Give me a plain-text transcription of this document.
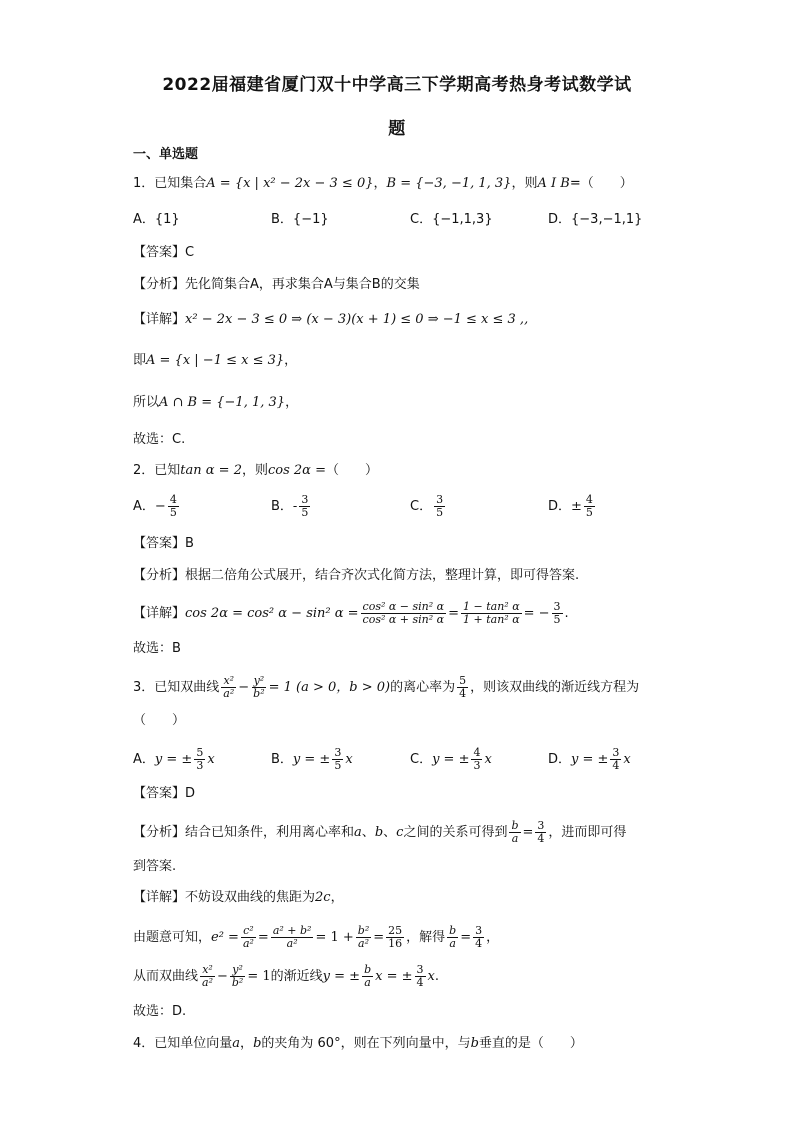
2022届福建省厦门双十中学高三下学期高考热身考试数学试
题
一、单选题
1．已知集合A = {x | x² − 2x − 3 ≤ 0}，B = {−3, −1, 1, 3}，则A I B=（　　）
A．{1}	B．{−1}	C．{−1,1,3}	D．{−3,−1,1}
【答案】C
【分析】先化简集合A，再求集合A与集合B的交集
【详解】x² − 2x − 3 ≤ 0 ⇒ (x − 3)(x + 1) ≤ 0 ⇒ −1 ≤ x ≤ 3 ,,
即A = {x | −1 ≤ x ≤ 3}，
所以A ∩ B = {−1, 1, 3}，
故选：C.
2．已知tan α = 2，则cos 2α =（　　）
A．− $\frac{4}{5}$	B．- $\frac{3}{5}$	C． $\frac{3}{5}$	D．± $\frac{4}{5}$
【答案】B
【分析】根据二倍角公式展开，结合齐次式化简方法，整理计算，即可得答案.
【详解】cos 2α = cos² α − sin² $\alpha = \frac{\text{cos² α − sin² α}}{\text{cos² α + sin² α}} = \frac{\text{1 − tan² α}}{\text{1 + tan² α}}$ = − $\frac{3}{5}$ .
故选：B
3．已知双曲线 $\frac{\text{x²}}{\text{a²}} - \frac{\text{y²}}{\text{b²}} = 1$ (a > 0，b > 0)的离心率为 $\frac{5}{4}$ ，则该双曲线的渐近线方程为
（　　）
A．y = ± $\frac{5}{3}$ x	B．y = ± $\frac{3}{5}$ x	C．y = ± $\frac{4}{3}$ x	D．y = ± $\frac{3}{4}$ x
【答案】D
【分析】结合已知条件，利用离心率和a、b、c之间的关系可得到 $\frac{b}{a} = \frac{3}{4}$ ，进而即可得
到答案.
【详解】不妨设双曲线的焦距为2c，
由题意可知，$e^2 = \frac{\text{c²}}{\text{a²}} = \frac{\text{a² + b²}}{\text{a²}} = 1 + \frac{\text{b²}}{\text{a²}} = \frac{25}{16}$ ，解得 $\frac{b}{a} = \frac{3}{4}$ ，
从而双曲线 $\frac{\text{x²}}{\text{a²}} - \frac{\text{y²}}{\text{b²}} = 1$的渐近线y = ± $\frac{b}{a}$ x = ± $\frac{3}{4} x$.
故选：D.
4．已知单位向量a，b的夹角为 60°，则在下列向量中，与b垂直的是（　　）
